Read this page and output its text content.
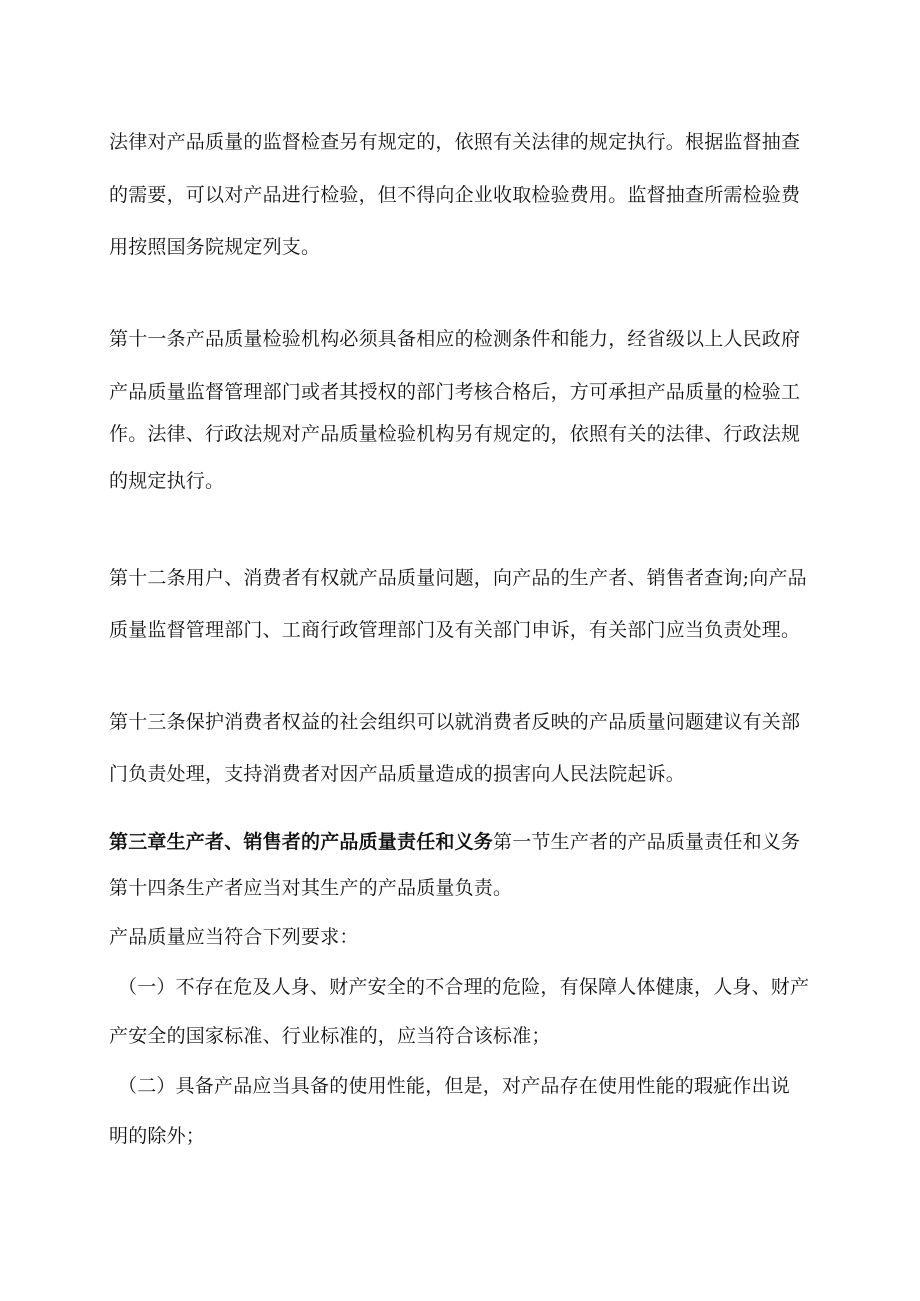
法律对产品质量的监督检查另有规定的，依照有关法律的规定执行。根据监督抽查
的需要，可以对产品进行检验，但不得向企业收取检验费用。监督抽查所需检验费
用按照国务院规定列支。
第十一条产品质量检验机构必须具备相应的检测条件和能力，经省级以上人民政府
产品质量监督管理部门或者其授权的部门考核合格后，方可承担产品质量的检验工
作。法律、行政法规对产品质量检验机构另有规定的，依照有关的法律、行政法规
的规定执行。
第十二条用户、消费者有权就产品质量问题，向产品的生产者、销售者查询;向产品
质量监督管理部门、工商行政管理部门及有关部门申诉，有关部门应当负责处理。
第十三条保护消费者权益的社会组织可以就消费者反映的产品质量问题建议有关部
门负责处理，支持消费者对因产品质量造成的损害向人民法院起诉。
第三章生产者、销售者的产品质量责任和义务第一节生产者的产品质量责任和义务
第十四条生产者应当对其生产的产品质量负责。
产品质量应当符合下列要求：
（一）不存在危及人身、财产安全的不合理的危险，有保障人体健康，人身、财产
产安全的国家标准、行业标准的，应当符合该标准；
（二）具备产品应当具备的使用性能，但是，对产品存在使用性能的瑕疵作出说
明的除外；
